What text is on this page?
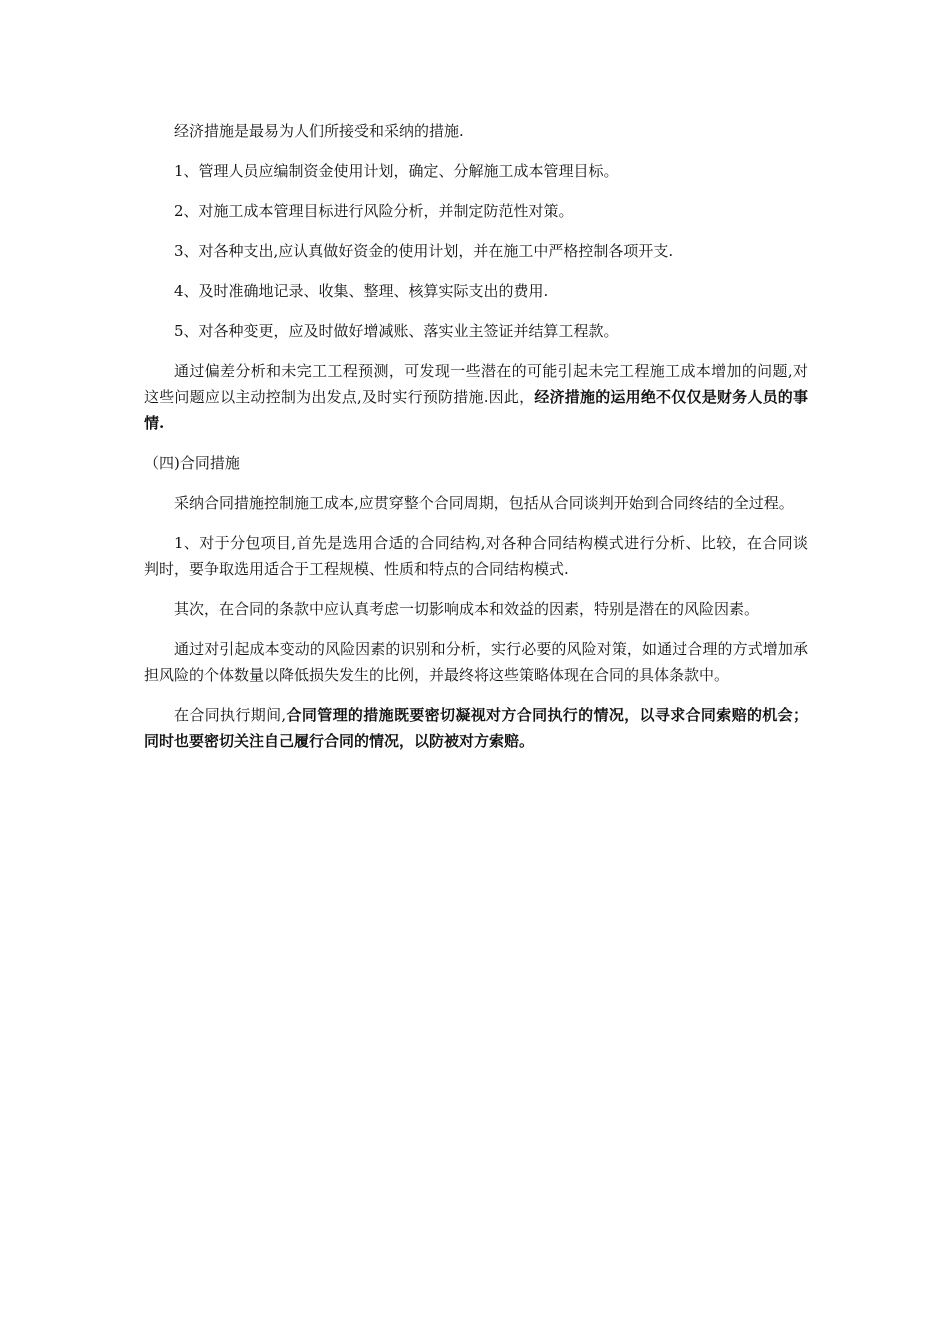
经济措施是最易为人们所接受和采纳的措施.

1、管理人员应编制资金使用计划，确定、分解施工成本管理目标。

2、对施工成本管理目标进行风险分析，并制定防范性对策。

3、对各种支出,应认真做好资金的使用计划，并在施工中严格控制各项开支.

4、及时准确地记录、收集、整理、核算实际支出的费用.

5、对各种变更，应及时做好增减账、落实业主签证并结算工程款。

通过偏差分析和未完工工程预测，可发现一些潜在的可能引起未完工程施工成本增加的问题,对这些问题应以主动控制为出发点,及时实行预防措施.因此，经济措施的运用绝不仅仅是财务人员的事情.

（四)合同措施

采纳合同措施控制施工成本,应贯穿整个合同周期，包括从合同谈判开始到合同终结的全过程。

1、对于分包项目,首先是选用合适的合同结构,对各种合同结构模式进行分析、比较，在合同谈判时，要争取选用适合于工程规模、性质和特点的合同结构模式.

其次，在合同的条款中应认真考虑一切影响成本和效益的因素，特别是潜在的风险因素。

通过对引起成本变动的风险因素的识别和分析，实行必要的风险对策，如通过合理的方式增加承担风险的个体数量以降低损失发生的比例，并最终将这些策略体现在合同的具体条款中。

在合同执行期间,合同管理的措施既要密切凝视对方合同执行的情况，以寻求合同索赔的机会；同时也要密切关注自己履行合同的情况，以防被对方索赔。
